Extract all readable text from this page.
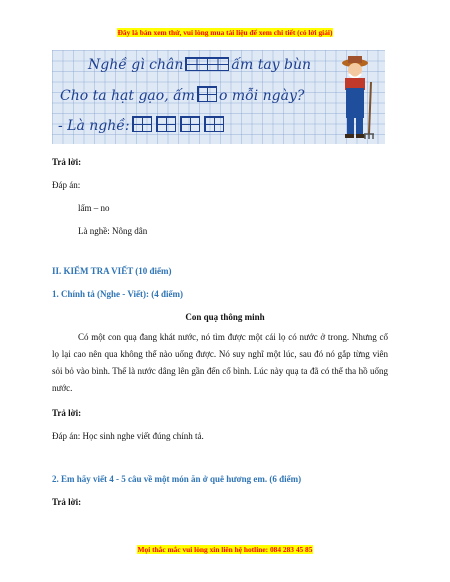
Đây là bản xem thử, vui lòng mua tài liệu để xem chi tiết (có lời giải)
Nghề gì chân	ấm tay bùn
Cho ta hạt gạo, ấm o mỗi ngày?
- Là nghề:
Trả lời:
Đáp án:
lấm – no
Là nghề: Nông dân
II. KIỂM TRA VIẾT (10 điểm)
1. Chính tả (Nghe - Viết): (4 điểm)
Con quạ thông minh
Có một con quạ đang khát nước, nó tìm được một cái lọ có nước ở trong. Nhưng cổ lọ lại cao nên qua không thể nào uống được. Nó suy nghĩ một lúc, sau đó nó gắp từng viên sỏi bỏ vào bình. Thế là nước dâng lên gần đến cổ bình. Lúc này quạ ta đã có thể tha hồ uống nước.
Trả lời:
Đáp án: Học sinh nghe viết đúng chính tả.
2. Em hãy viết 4 - 5 câu về một món ăn ở quê hương em. (6 điểm)
Trả lời:
Mọi thắc mắc vui lòng xin liên hệ hotline: 084 283 45 85
